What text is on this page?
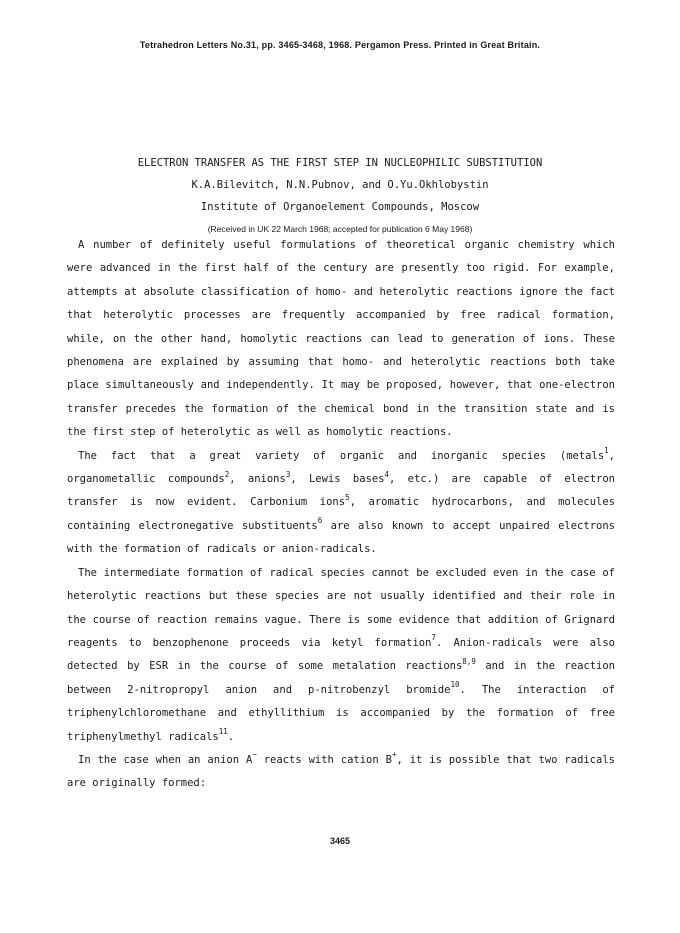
Tetrahedron Letters No.31, pp. 3465-3468, 1968. Pergamon Press. Printed in Great Britain.
ELECTRON TRANSFER AS THE FIRST STEP IN NUCLEOPHILIC SUBSTITUTION
K.A.Bilevitch, N.N.Pubnov, and O.Yu.Okhlobystin
Institute of Organoelement Compounds, Moscow
(Received in UK 22 March 1968; accepted for publication 6 May 1968)

A number of definitely useful formulations of theoretical organic chemistry which were advanced in the first half of the century are presently too rigid. For example, attempts at absolute classification of homo- and heterolytic reactions ignore the fact that heterolytic processes are frequently accompanied by free radical formation, while, on the other hand, homolytic reactions can lead to generation of ions. These phenomena are explained by assuming that homo- and heterolytic reactions both take place simultaneously and independently. It may be proposed, however, that one-electron transfer precedes the formation of the chemical bond in the transition state and is the first step of heterolytic as well as homolytic reactions.

The fact that a great variety of organic and inorganic species (metals$^1$, organometallic compounds$^2$, anions$^3$, Lewis bases$^4$, etc.) are capable of electron transfer is now evident. Carbonium ions$^5$, aromatic hydrocarbons, and molecules containing electronegative substituents$^6$ are also known to accept unpaired electrons with the formation of radicals or anion-radicals.

The intermediate formation of radical species cannot be excluded even in the case of heterolytic reactions but these species are not usually identified and their role in the course of reaction remains vague. There is some evidence that addition of Grignard reagents to benzophenone proceeds via ketyl formation$^7$. Anion-radicals were also detected by ESR in the course of some metalation reactions$^{8,9}$ and in the reaction between 2-nitropropyl anion and p-nitrobenzyl bromide$^{10}$. The interaction of triphenylchloromethane and ethyllithium is accompanied by the formation of free triphenylmethyl radicals$^{11}$.

In the case when an anion A− reacts with cation B+, it is possible that two radicals are originally formed:

3465
